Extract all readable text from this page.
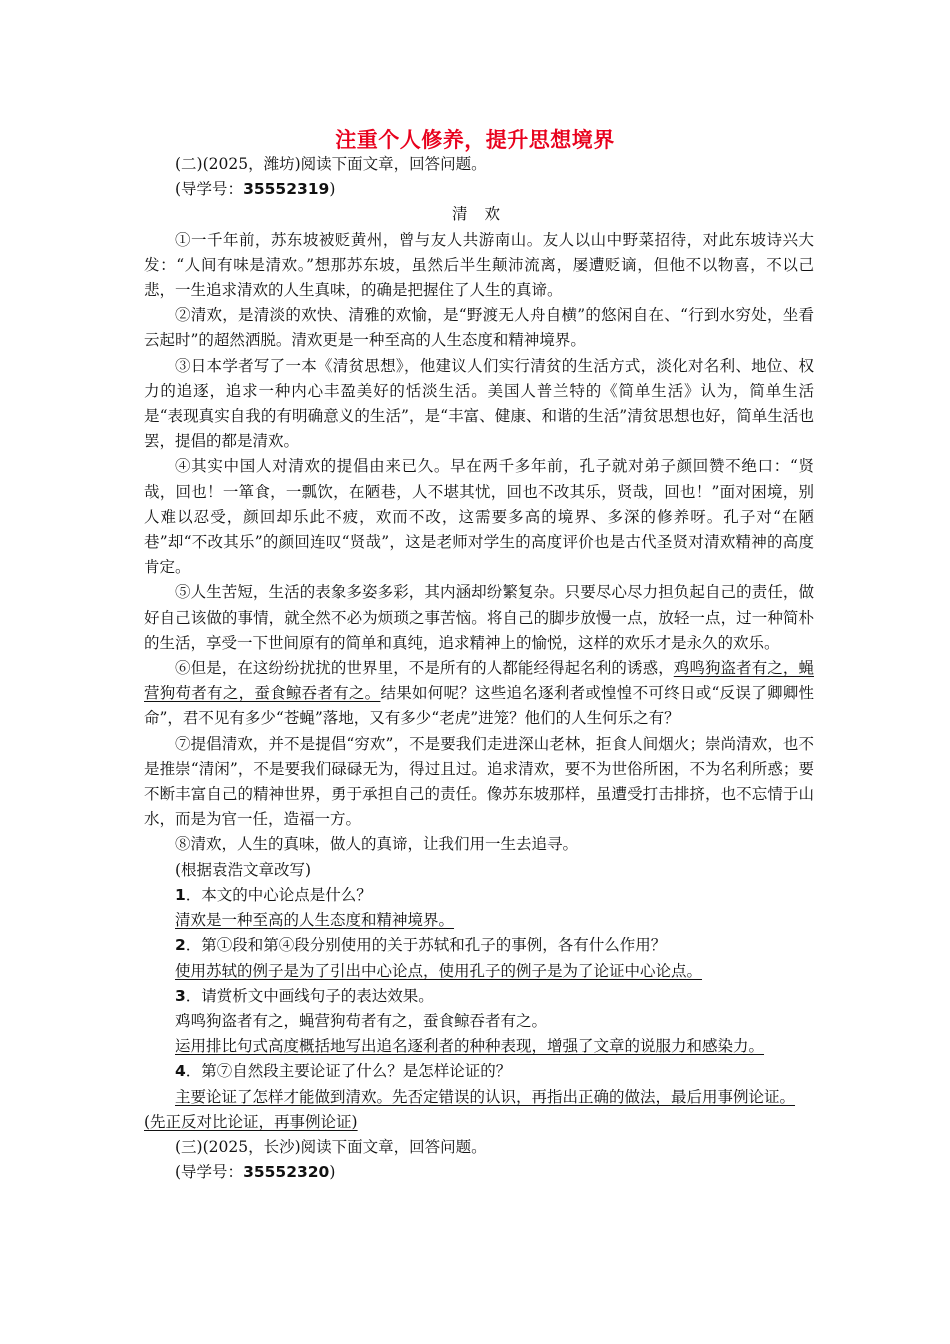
注重个人修养，提升思想境界

(二)(2025，潍坊)阅读下面文章，回答问题。

(导学号：35552319)

清 欢

①一千年前，苏东坡被贬黄州，曾与友人共游南山。友人以山中野菜招待，对此东坡诗兴大发：“人间有味是清欢。”想那苏东坡，虽然后半生颠沛流离，屡遭贬谪，但他不以物喜，不以己悲，一生追求清欢的人生真味，的确是把握住了人生的真谛。

②清欢，是清淡的欢快、清雅的欢愉，是“野渡无人舟自横”的悠闲自在、“行到水穷处，坐看云起时”的超然洒脱。清欢更是一种至高的人生态度和精神境界。

③日本学者写了一本《清贫思想》，他建议人们实行清贫的生活方式，淡化对名利、地位、权力的追逐，追求一种内心丰盈美好的恬淡生活。美国人普兰特的《简单生活》认为，简单生活是“表现真实自我的有明确意义的生活”，是“丰富、健康、和谐的生活”清贫思想也好，简单生活也罢，提倡的都是清欢。

④其实中国人对清欢的提倡由来已久。早在两千多年前，孔子就对弟子颜回赞不绝口：“贤哉，回也！一箪食，一瓢饮，在陋巷，人不堪其忧，回也不改其乐，贤哉，回也！”面对困境，别人难以忍受，颜回却乐此不疲，欢而不改，这需要多高的境界、多深的修养呀。孔子对“在陋巷”却“不改其乐”的颜回连叹“贤哉”，这是老师对学生的高度评价也是古代圣贤对清欢精神的高度肯定。

⑤人生苦短，生活的表象多姿多彩，其内涵却纷繁复杂。只要尽心尽力担负起自己的责任，做好自己该做的事情，就全然不必为烦琐之事苦恼。将自己的脚步放慢一点，放轻一点，过一种简朴的生活，享受一下世间原有的简单和真纯，追求精神上的愉悦，这样的欢乐才是永久的欢乐。

⑥但是，在这纷纷扰扰的世界里，不是所有的人都能经得起名利的诱惑，鸡鸣狗盗者有之，蝇营狗苟者有之，蚕食鲸吞者有之。结果如何呢？这些追名逐利者或惶惶不可终日或“反误了卿卿性命”，君不见有多少“苍蝇”落地，又有多少“老虎”进笼？他们的人生何乐之有？

⑦提倡清欢，并不是提倡“穷欢”，不是要我们走进深山老林，拒食人间烟火；崇尚清欢，也不是推崇“清闲”，不是要我们碌碌无为，得过且过。追求清欢，要不为世俗所困，不为名利所惑；要不断丰富自己的精神世界，勇于承担自己的责任。像苏东坡那样，虽遭受打击排挤，也不忘情于山水，而是为官一任，造福一方。

⑧清欢，人生的真味，做人的真谛，让我们用一生去追寻。

(根据袁浩文章改写)

1．本文的中心论点是什么？

清欢是一种至高的人生态度和精神境界。

2．第①段和第④段分别使用的关于苏轼和孔子的事例，各有什么作用？

使用苏轼的例子是为了引出中心论点，使用孔子的例子是为了论证中心论点。

3．请赏析文中画线句子的表达效果。

鸡鸣狗盗者有之，蝇营狗苟者有之，蚕食鲸吞者有之。

运用排比句式高度概括地写出追名逐利者的种种表现，增强了文章的说服力和感染力。

4．第⑦自然段主要论证了什么？是怎样论证的？

主要论证了怎样才能做到清欢。先否定错误的认识，再指出正确的做法，最后用事例论证。(先正反对比论证，再事例论证)

(三)(2025，长沙)阅读下面文章，回答问题。

(导学号：35552320)
